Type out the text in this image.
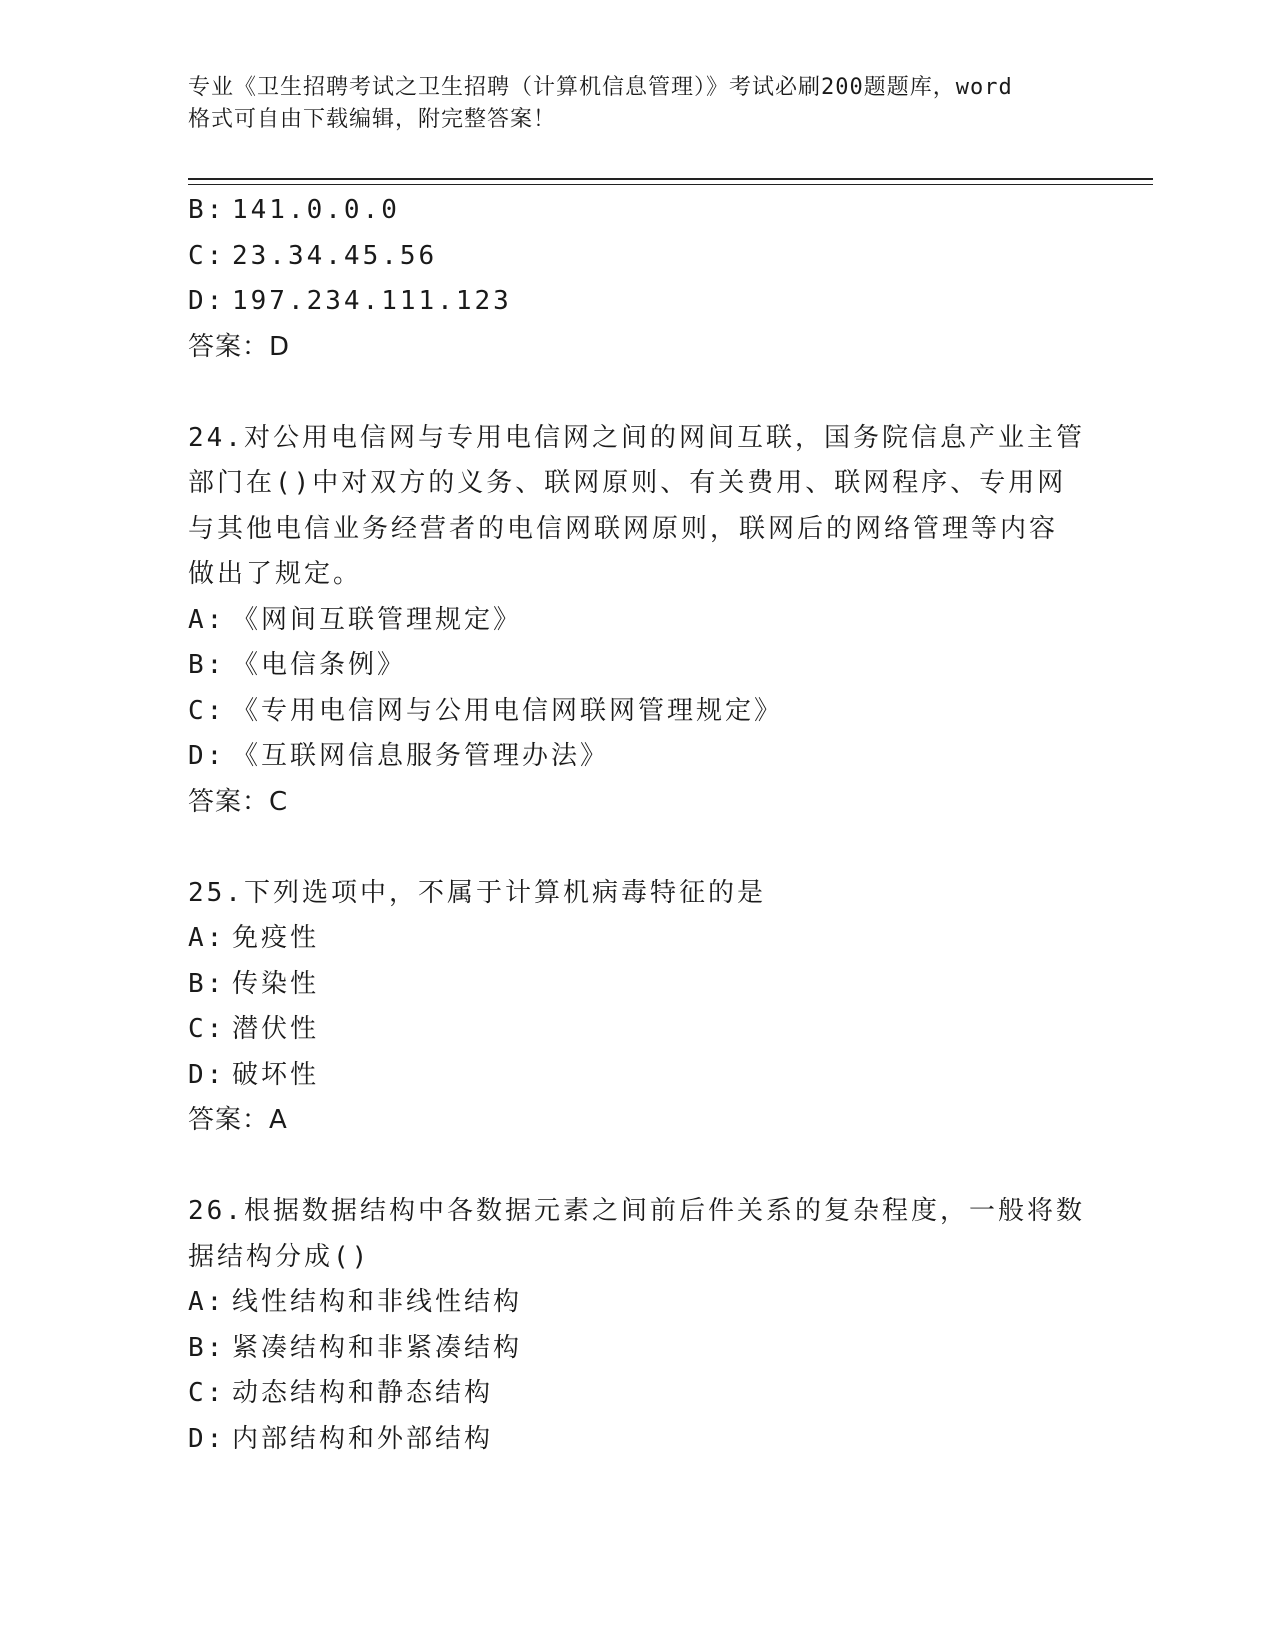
专业《卫生招聘考试之卫生招聘（计算机信息管理）》考试必刷200题题库，word
格式可自由下载编辑，附完整答案！
B: 141.0.0.0
C: 23.34.45.56
D: 197.234.111.123
答案：D
24.对公用电信网与专用电信网之间的网间互联，国务院信息产业主管
部门在()中对双方的义务、联网原则、有关费用、联网程序、专用网
与其他电信业务经营者的电信网联网原则，联网后的网络管理等内容
做出了规定。
A: 《网间互联管理规定》
B: 《电信条例》
C: 《专用电信网与公用电信网联网管理规定》
D: 《互联网信息服务管理办法》
答案：C
25.下列选项中，不属于计算机病毒特征的是
A: 免疫性
B: 传染性
C: 潜伏性
D: 破坏性
答案：A
26.根据数据结构中各数据元素之间前后件关系的复杂程度，一般将数
据结构分成()
A: 线性结构和非线性结构
B: 紧凑结构和非紧凑结构
C: 动态结构和静态结构
D: 内部结构和外部结构
